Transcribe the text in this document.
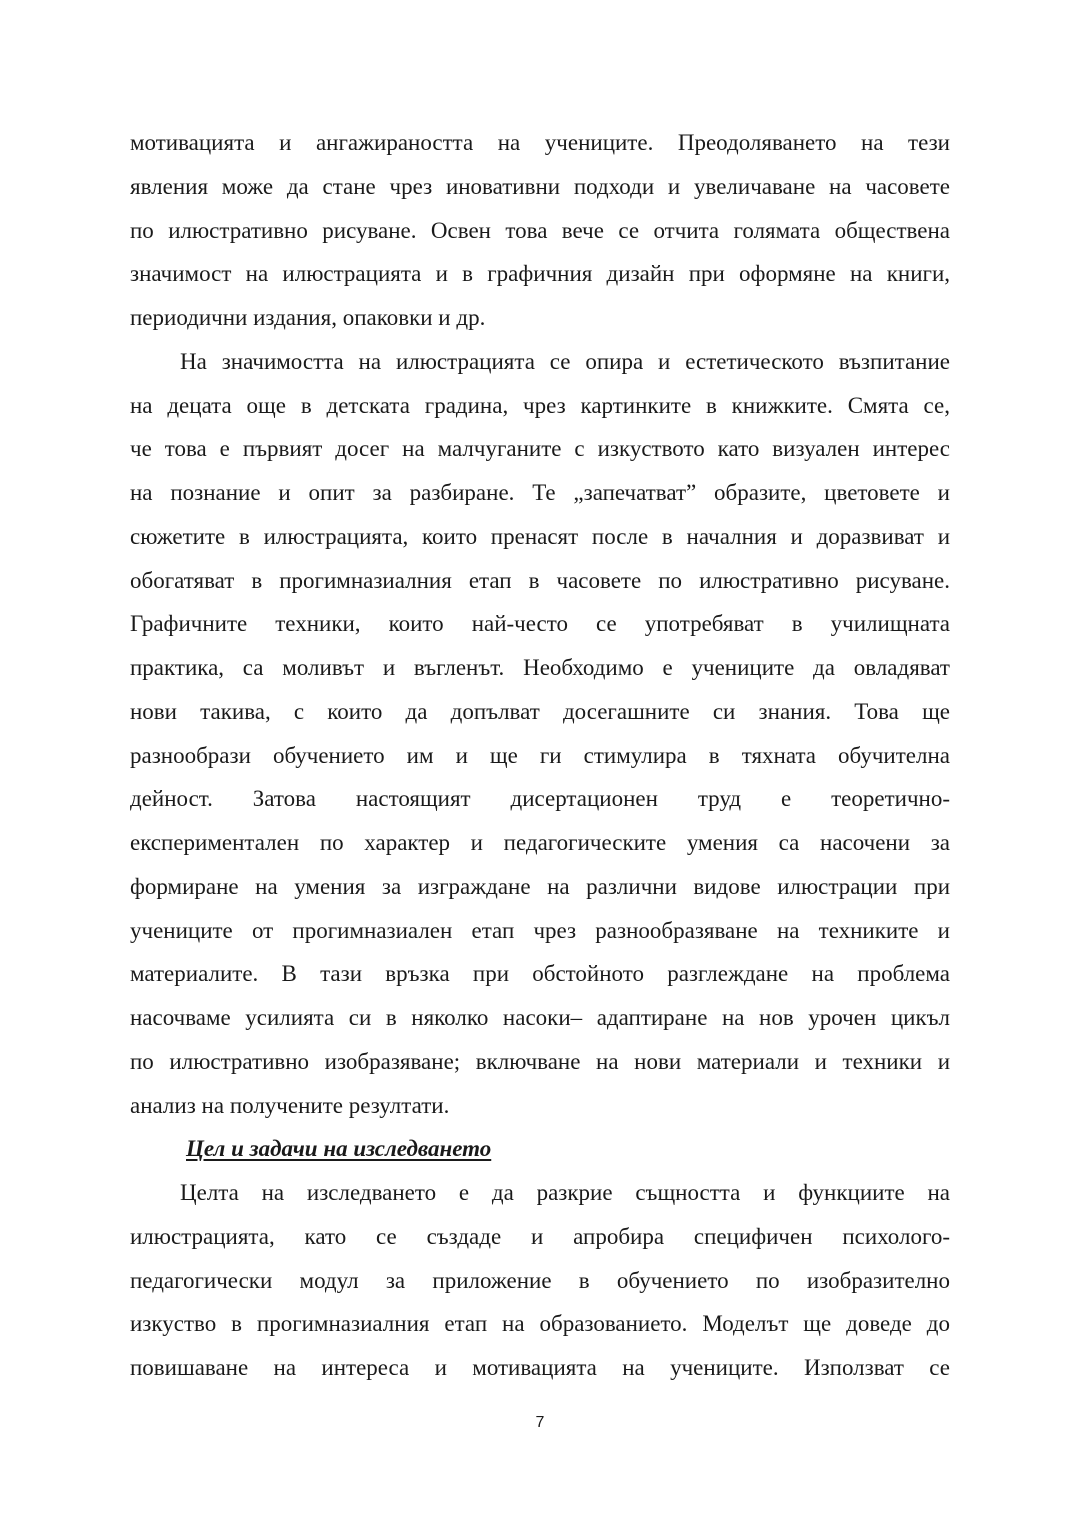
мотивацията и ангажираността на учениците. Преодоляването на тези
явления може да стане чрез иновативни подходи и увеличаване на часовете
по илюстративно рисуване. Освен това вече се отчита голямата обществена
значимост на илюстрацията и в графичния дизайн при оформяне на книги,
периодични издания, опаковки и др.
На значимостта на илюстрацията се опира и естетическото възпитание
на децата още в детската градина, чрез картинките в книжките. Смята се,
че това е първият досег на малчуганите с изкуството като визуален интерес
на познание и опит за разбиране. Те „запечатват” образите, цветовете и
сюжетите в илюстрацията, които пренасят после в началния и доразвиват и
обогатяват в прогимназиалния етап в часовете по илюстративно рисуване.
Графичните техники, които най-често се употребяват в училищната
практика, са моливът и въгленът. Необходимо е учениците да овладяват
нови такива, с които да допълват досегашните си знания. Това ще
разнообрази обучението им и ще ги стимулира в тяхната обучителна
дейност. Затова настоящият дисертационен труд е теоретично-
експериментален по характер и педагогическите умения са насочени за
формиране на умения за изграждане на различни видове илюстрации при
учениците от прогимназиален етап чрез разнообразяване на техниките и
материалите. В тази връзка при обстойното разглеждане на проблема
насочваме усилията си в няколко насоки– адаптиране на нов урочен цикъл
по илюстративно изобразяване; включване на нови материали и техники и
анализ на получените резултати.
Цел и задачи на изследването
Целта на изследването е да разкрие същността и функциите на
илюстрацията, като се създаде и апробира специфичен психолого-
педагогически модул за приложение в обучението по изобразително
изкуство в прогимназиалния етап на образованието. Моделът ще доведе до
повишаване на интереса и мотивацията на учениците. Използват се
7
